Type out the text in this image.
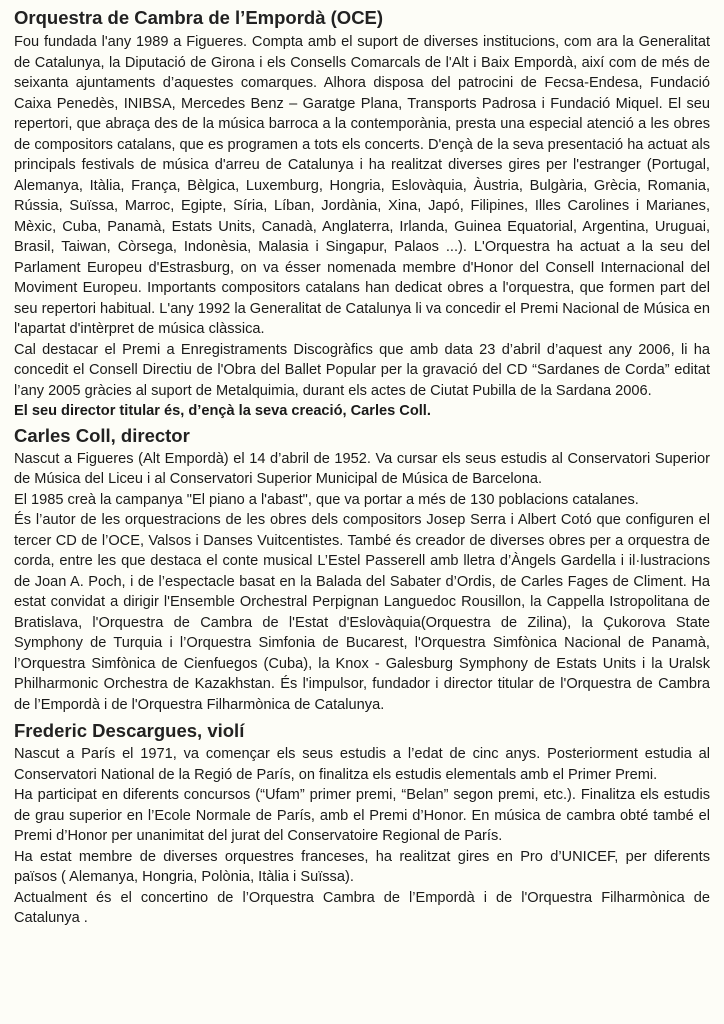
Orquestra de Cambra de l’Empordà (OCE)

Fou fundada l'any 1989 a Figueres. Compta amb el suport de diverses institucions, com ara la Generalitat de Catalunya, la Diputació de Girona i els Consells Comarcals de l'Alt i Baix Empordà, així com de més de seixanta ajuntaments d’aquestes comarques. Alhora disposa del patrocini de Fecsa-Endesa, Fundació Caixa Penedès, INIBSA, Mercedes Benz – Garatge Plana, Transports Padrosa i Fundació Miquel. El seu repertori, que abraça des de la música barroca a la contemporània, presta una especial atenció a les obres de compositors catalans, que es programen a tots els concerts. D'ençà de la seva presentació ha actuat als principals festivals de música d'arreu de Catalunya i ha realitzat diverses gires per l'estranger (Portugal, Alemanya, Itàlia, França, Bèlgica, Luxemburg, Hongria, Eslovàquia, Àustria, Bulgària, Grècia, Romania, Rússia, Suïssa, Marroc, Egipte, Síria, Líban, Jordània, Xina, Japó, Filipines, Illes Carolines i Marianes, Mèxic, Cuba, Panamà, Estats Units, Canadà, Anglaterra, Irlanda, Guinea Equatorial, Argentina, Uruguai, Brasil, Taiwan, Còrsega, Indonèsia, Malasia i Singapur, Palaos ...). L'Orquestra ha actuat a la seu del Parlament Europeu d'Estrasburg, on va ésser nomenada membre d'Honor del Consell Internacional del Moviment Europeu. Importants compositors catalans han dedicat obres a l'orquestra, que formen part del seu repertori habitual. L'any 1992 la Generalitat de Catalunya li va concedir el Premi Nacional de Música en l'apartat d'intèrpret de música clàssica.

Cal destacar el Premi a Enregistraments Discogràfics que amb data 23 d’abril d’aquest any 2006, li ha concedit el Consell Directiu de l'Obra del Ballet Popular per la gravació del CD “Sardanes de Corda” editat l’any 2005 gràcies al suport de Metalquimia, durant els actes de Ciutat Pubilla de la Sardana 2006.

El seu director titular és, d’ençà la seva creació, Carles Coll.

Carles Coll, director

Nascut a Figueres (Alt Empordà) el 14 d’abril de 1952. Va cursar els seus estudis al Conservatori Superior de Música del Liceu i al Conservatori Superior Municipal de Música de Barcelona.

El 1985 creà la campanya "El piano a l'abast", que va portar a més de 130 poblacions catalanes.

És l’autor de les orquestracions de les obres dels compositors Josep Serra i Albert Cotó que configuren el tercer CD de l’OCE, Valsos i Danses Vuitcentistes. També és creador de diverses obres per a orquestra de corda, entre les que destaca el conte musical L’Estel Passerell amb lletra d’Àngels Gardella i il·lustracions de Joan A. Poch, i de l’espectacle basat en la Balada del Sabater d’Ordis, de Carles Fages de Climent. Ha estat convidat a dirigir l'Ensemble Orchestral Perpignan Languedoc Rousillon, la Cappella Istropolitana de Bratislava, l'Orquestra de Cambra de l'Estat d'Eslovàquia(Orquestra de Zilina), la Çukorova State Symphony de Turquia i l’Orquestra Simfonia de Bucarest, l'Orquestra Simfònica Nacional de Panamà, l’Orquestra Simfònica de Cienfuegos (Cuba), la Knox - Galesburg Symphony de Estats Units i la Uralsk Philharmonic Orchestra de Kazakhstan. És l'impulsor, fundador i director titular de l'Orquestra de Cambra de l’Empordà i de l'Orquestra Filharmònica de Catalunya.

Frederic Descargues, violí

Nascut a París el 1971, va començar els seus estudis a l’edat de cinc anys. Posteriorment estudia al Conservatori National de la Regió de París, on finalitza els estudis elementals amb el Primer Premi.

Ha participat en diferents concursos (“Ufam” primer premi, “Belan” segon premi, etc.). Finalitza els estudis de grau superior en l’Ecole Normale de París, amb el Premi d’Honor. En música de cambra obté també el Premi d’Honor per unanimitat del jurat del Conservatoire Regional de París.

Ha estat membre de diverses orquestres franceses, ha realitzat gires en Pro d’UNICEF, per diferents països ( Alemanya, Hongria, Polònia, Itàlia i Suïssa).

Actualment és el concertino de l’Orquestra Cambra de l’Empordà i de l'Orquestra Filharmònica de Catalunya .
